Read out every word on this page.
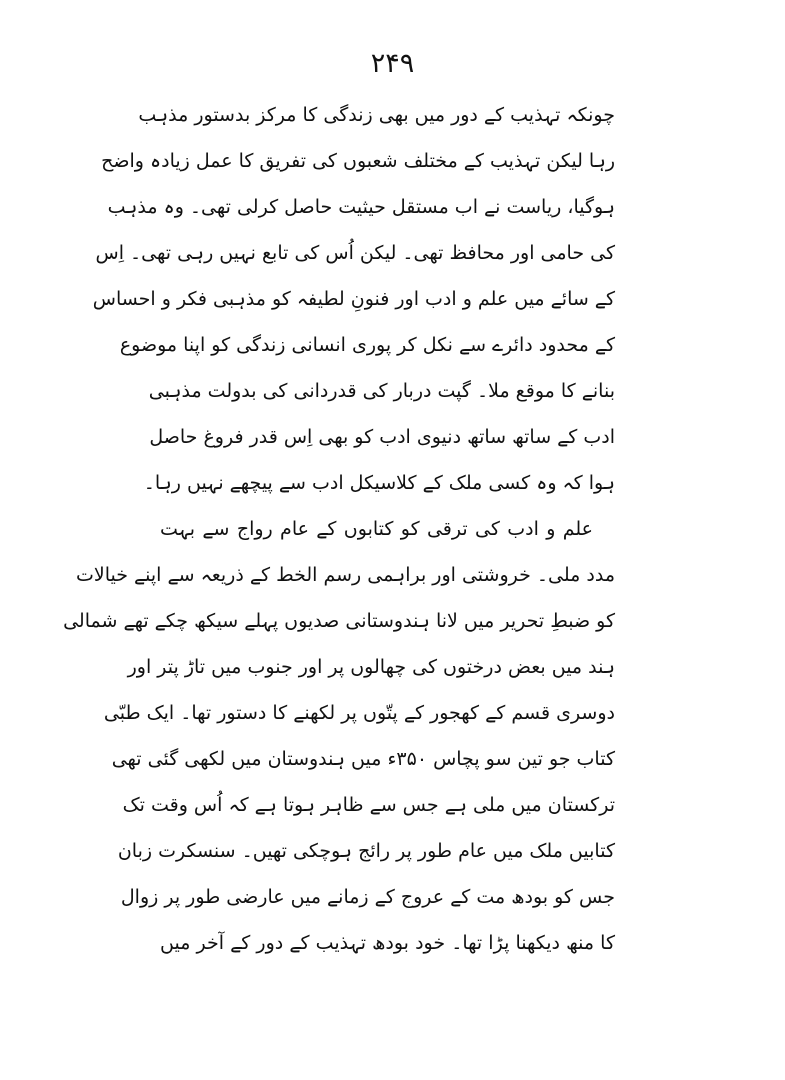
۲۴۹
چونکہ تہذیب کے دور میں بھی زندگی کا مرکز بدستور مذہب
رہا لیکن تہذیب کے مختلف شعبوں کی تفریق کا عمل زیادہ واضح
ہوگیا، ریاست نے اب مستقل حیثیت حاصل کرلی تھی۔ وہ مذہب
کی حامی اور محافظ تھی۔ لیکن اُس کی تابع نہیں رہی تھی۔ اِس
کے سائے میں علم و ادب اور فنونِ لطیفہ کو مذہبی فکر و احساس
کے محدود دائرے سے نکل کر پوری انسانی زندگی کو اپنا موضوع
بنانے کا موقع ملا۔ گپت دربار کی قدردانی کی بدولت مذہبی
ادب کے ساتھ ساتھ دنیوی ادب کو بھی اِس قدر فروغ حاصل
ہوا کہ وہ کسی ملک کے کلاسیکل ادب سے پیچھے نہیں رہا۔
علم و ادب کی ترقی کو کتابوں کے عام رواج سے بہت
مدد ملی۔ خروشتی اور براہمی رسم الخط کے ذریعہ سے اپنے خیالات
کو ضبطِ تحریر میں لانا ہندوستانی صدیوں پہلے سیکھ چکے تھے شمالی
ہند میں بعض درختوں کی چھالوں پر اور جنوب میں تاڑ پتر اور
دوسری قسم کے کھجور کے پتّوں پر لکھنے کا دستور تھا۔ ایک طبّی
کتاب جو تین سو پچاس ۳۵۰ء میں ہندوستان میں لکھی گئی تھی
ترکستان میں ملی ہے جس سے ظاہر ہوتا ہے کہ اُس وقت تک
کتابیں ملک میں عام طور پر رائج ہوچکی تھیں۔ سنسکرت زبان
جس کو بودھ مت کے عروج کے زمانے میں عارضی طور پر زوال
کا منھ دیکھنا پڑا تھا۔ خود بودھ تہذیب کے دور کے آخر میں
